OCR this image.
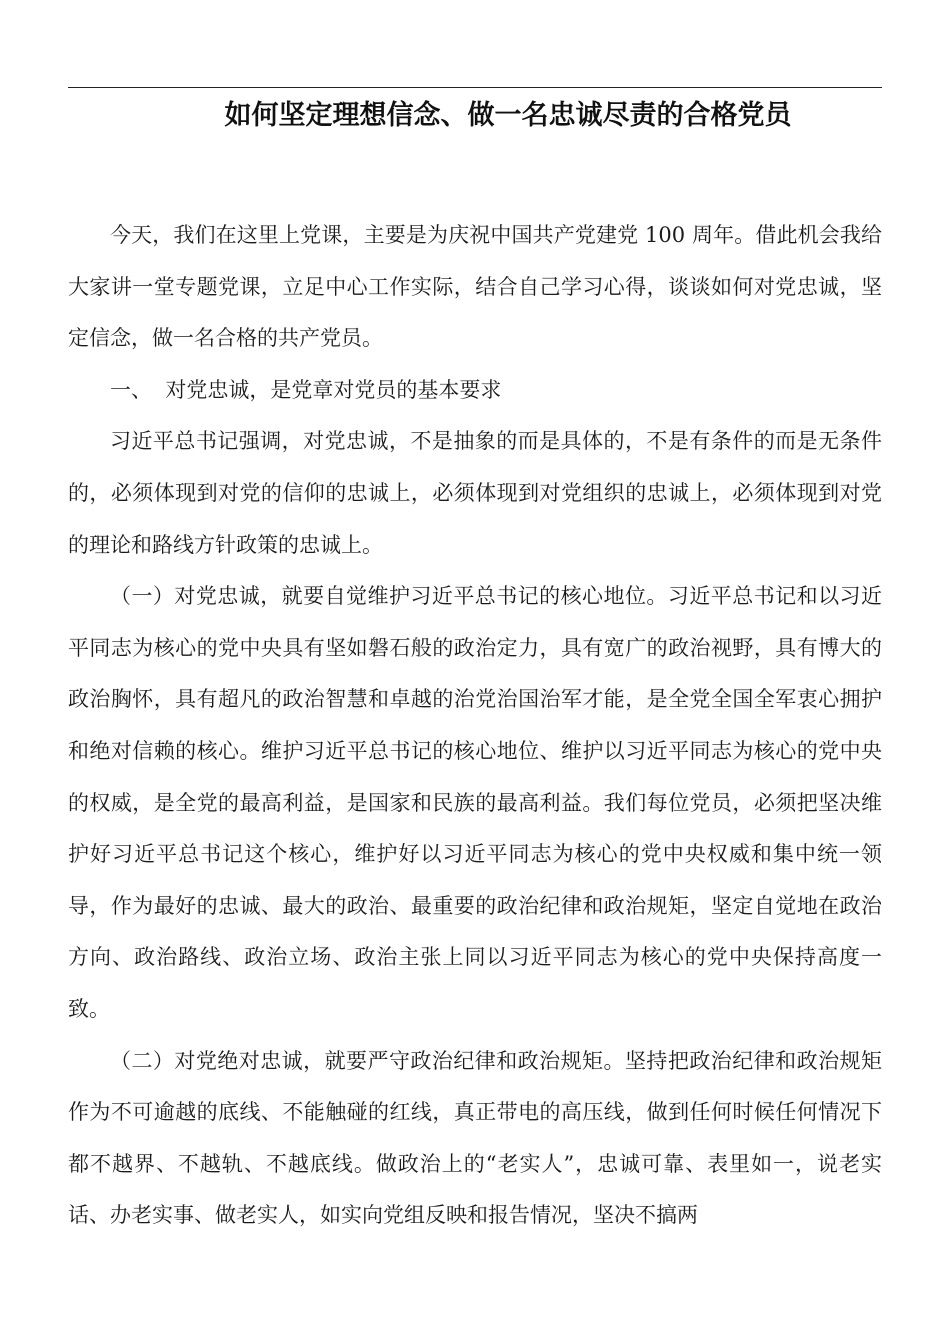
如何坚定理想信念、做一名忠诚尽责的合格党员

今天，我们在这里上党课，主要是为庆祝中国共产党建党 100 周年。借此机会我给大家讲一堂专题党课，立足中心工作实际，结合自己学习心得，谈谈如何对党忠诚，坚定信念，做一名合格的共产党员。

一、  对党忠诚，是党章对党员的基本要求

习近平总书记强调，对党忠诚，不是抽象的而是具体的，不是有条件的而是无条件的，必须体现到对党的信仰的忠诚上，必须体现到对党组织的忠诚上，必须体现到对党的理论和路线方针政策的忠诚上。

（一）对党忠诚，就要自觉维护习近平总书记的核心地位。习近平总书记和以习近平同志为核心的党中央具有坚如磐石般的政治定力，具有宽广的政治视野，具有博大的政治胸怀，具有超凡的政治智慧和卓越的治党治国治军才能，是全党全国全军衷心拥护和绝对信赖的核心。维护习近平总书记的核心地位、维护以习近平同志为核心的党中央的权威，是全党的最高利益，是国家和民族的最高利益。我们每位党员，必须把坚决维护好习近平总书记这个核心，维护好以习近平同志为核心的党中央权威和集中统一领导，作为最好的忠诚、最大的政治、最重要的政治纪律和政治规矩，坚定自觉地在政治方向、政治路线、政治立场、政治主张上同以习近平同志为核心的党中央保持高度一致。

（二）对党绝对忠诚，就要严守政治纪律和政治规矩。坚持把政治纪律和政治规矩作为不可逾越的底线、不能触碰的红线，真正带电的高压线，做到任何时候任何情况下都不越界、不越轨、不越底线。做政治上的“老实人”，忠诚可靠、表里如一，说老实话、办老实事、做老实人，如实向党组反映和报告情况，坚决不搞两
